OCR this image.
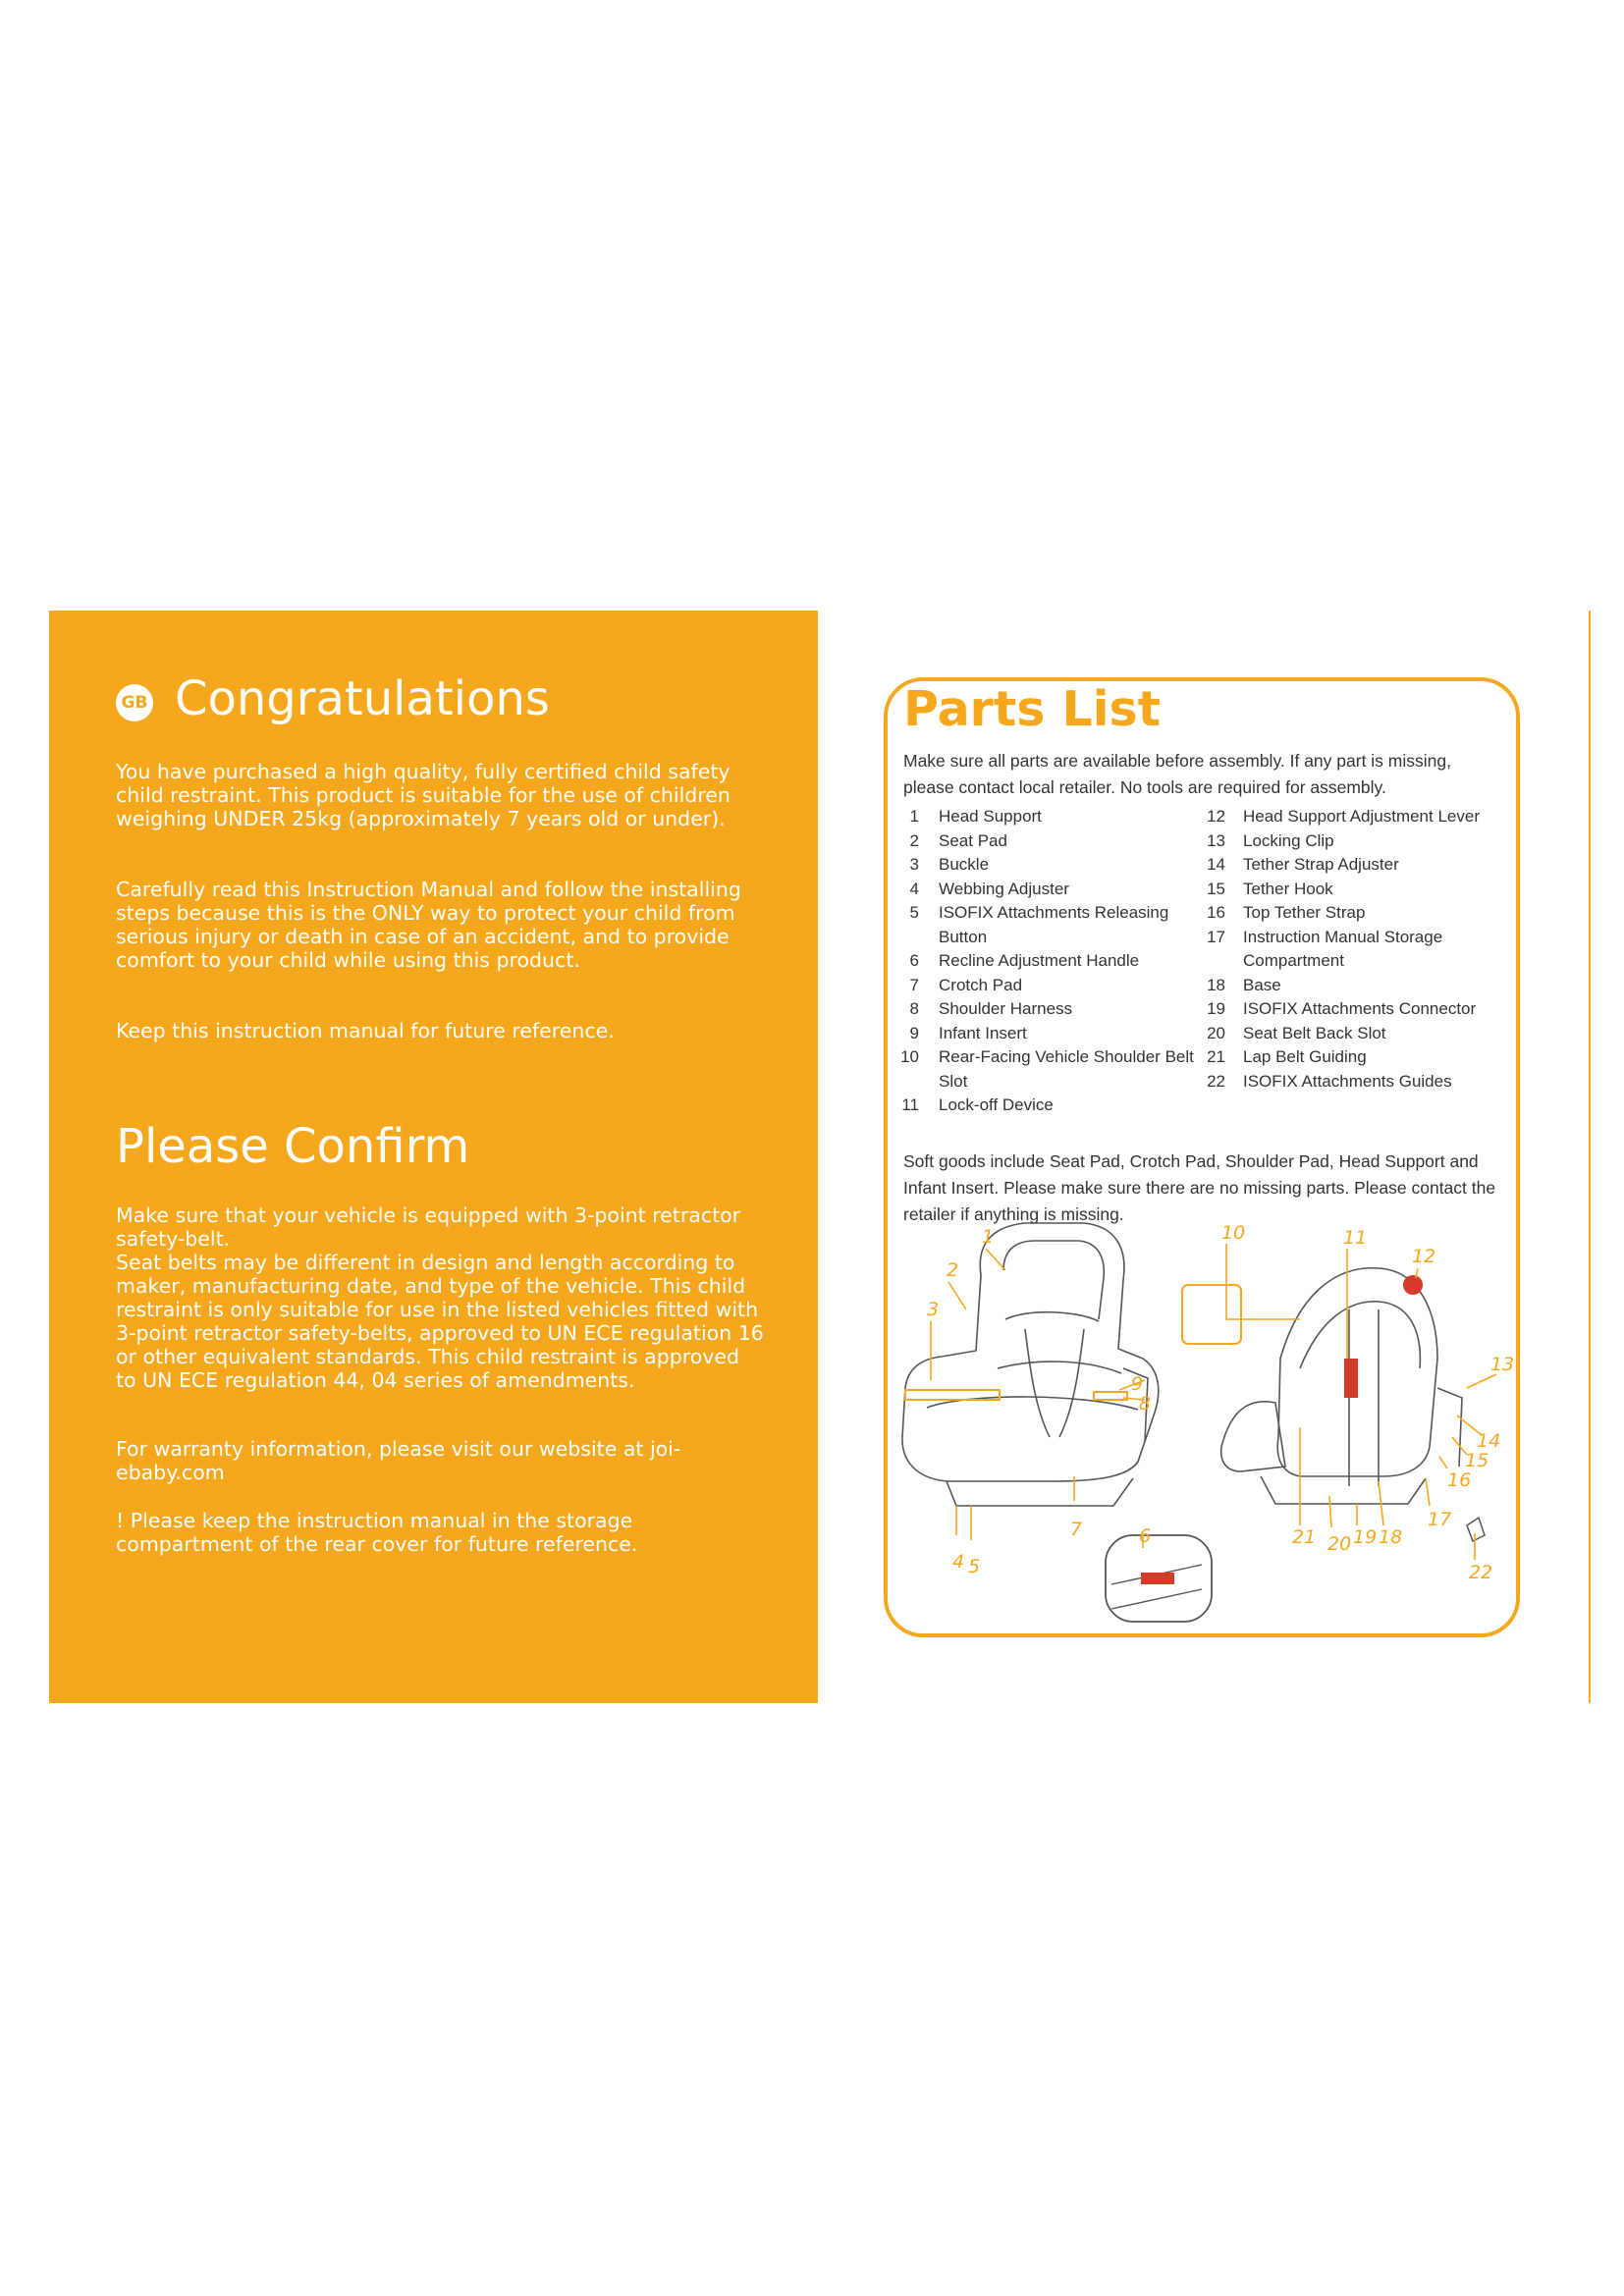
GB Congratulations

You have purchased a high quality, fully certified child safety child restraint. This product is suitable for the use of children weighing UNDER 25kg (approximately 7 years old or under).

Carefully read this Instruction Manual and follow the installing steps because this is the ONLY way to protect your child from serious injury or death in case of an accident, and to provide comfort to your child while using this product.

Keep this instruction manual for future reference.

Please Confirm

Make sure that your vehicle is equipped with 3-point retractor safety-belt.

Seat belts may be different in design and length according to maker, manufacturing date, and type of the vehicle. This child restraint is only suitable for use in the listed vehicles fitted with 3-point retractor safety-belts, approved to UN ECE regulation 16 or other equivalent standards. This child restraint is approved to UN ECE regulation 44, 04 series of amendments.

For warranty information, please visit our website at joi-ebaby.com

! Please keep the instruction manual in the storage compartment of the rear cover for future reference.

Parts List

Make sure all parts are available before assembly. If any part is missing, please contact local retailer. No tools are required for assembly.

1 Head Support
2 Seat Pad
3 Buckle
4 Webbing Adjuster
5 ISOFIX Attachments Releasing Button
6 Recline Adjustment Handle
7 Crotch Pad
8 Shoulder Harness
9 Infant Insert
10 Rear-Facing Vehicle Shoulder Belt Slot
11 Lock-off Device
12 Head Support Adjustment Lever
13 Locking Clip
14 Tether Strap Adjuster
15 Tether Hook
16 Top Tether Strap
17 Instruction Manual Storage Compartment
18 Base
19 ISOFIX Attachments Connector
20 Seat Belt Back Slot
21 Lap Belt Guiding
22 ISOFIX Attachments Guides

Soft goods include Seat Pad, Crotch Pad, Shoulder Pad, Head Support and Infant Insert. Please make sure there are no missing parts. Please contact the retailer if anything is missing.

1
2
3
4 5
6
7
8
9
10	11
12
13
14
15
16
17
18
19
20
21
22
